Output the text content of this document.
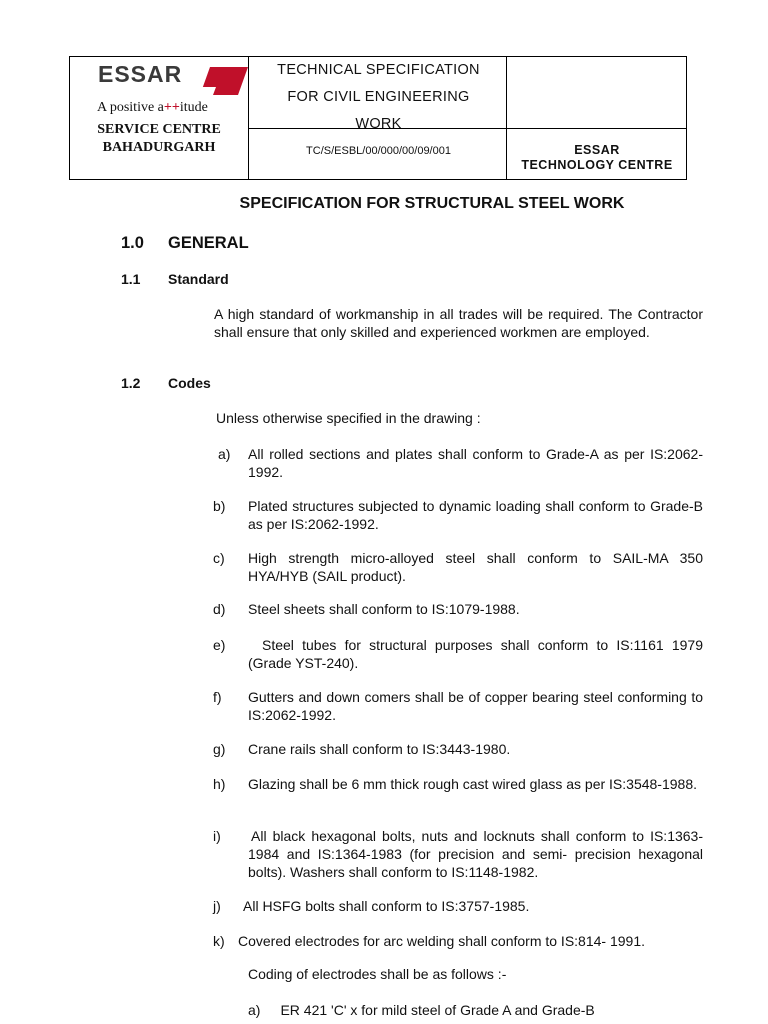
ESSAR
A positive a++itude
SERVICE CENTRE
BAHADURGARH
TECHNICAL SPECIFICATION
FOR CIVIL ENGINEERING
WORK
TC/S/ESBL/00/000/00/09/001	ESSAR
TECHNOLOGY CENTRE
SPECIFICATION FOR STRUCTURAL STEEL WORK
1.0 GENERAL
1.1 Standard
A high standard of workmanship in all trades will be required. The Contractor shall ensure that only skilled and experienced workmen are employed.
1.2 Codes
Unless otherwise specified in the drawing :
a) All rolled sections and plates shall conform to Grade-A as per IS:2062-1992.
b) Plated structures subjected to dynamic loading shall conform to Grade-B as per IS:2062-1992.
c) High strength micro-alloyed steel shall conform to SAIL-MA 350 HYA/HYB (SAIL product).
d) Steel sheets shall conform to IS:1079-1988.
e)	Steel tubes for structural purposes shall conform to IS:1161 1979 (Grade YST-240).
f) Gutters and down comers shall be of copper bearing steel conforming to IS:2062-1992.
g) Crane rails shall conform to IS:3443-1980.
h) Glazing shall be 6 mm thick rough cast wired glass as per IS:3548-1988.
i) All black hexagonal bolts, nuts and locknuts shall conform to IS:1363-1984 and IS:1364-1983 (for precision and semi- precision hexagonal bolts). Washers shall conform to IS:1148-1982.
j) All HSFG bolts shall conform to IS:3757-1985.
k) Covered electrodes for arc welding shall conform to IS:814- 1991.
Coding of electrodes shall be as follows :-
a) ER 421 'C' x for mild steel of Grade A and Grade-B
